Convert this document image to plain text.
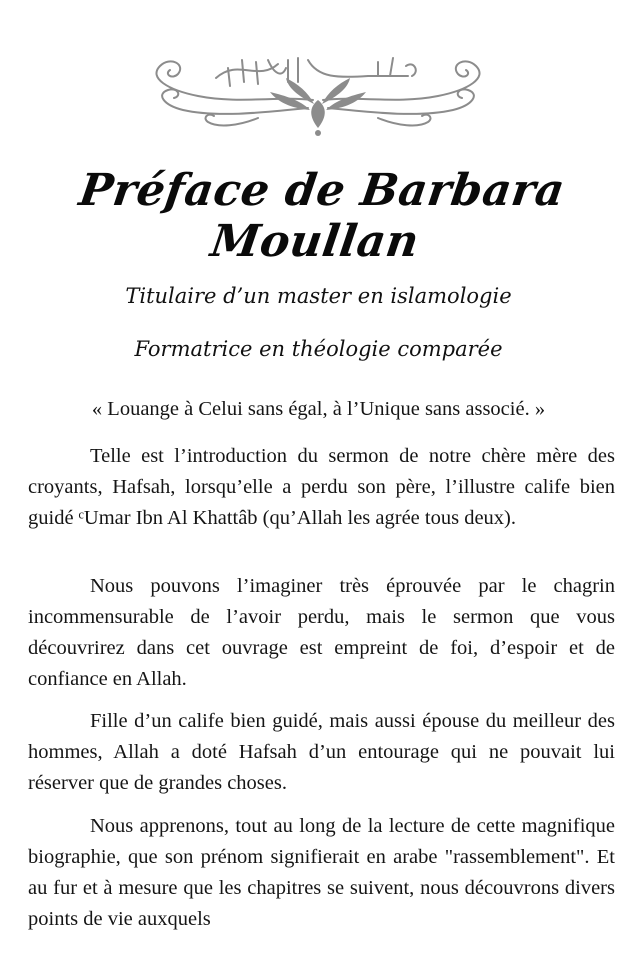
Préface de Barbara Moullan
Titulaire d’un master en islamologie
Formatrice en théologie comparée
« Louange à Celui sans égal, à l’Unique sans associé. »

Telle est l’introduction du sermon de notre chère mère des croyants, Hafsah, lorsqu’elle a perdu son père, l’illustre calife bien guidé ᶜUmar Ibn Al Khattâb (qu’Allah les agrée tous deux).

Nous pouvons l’imaginer très éprouvée par le chagrin incommensurable de l’avoir perdu, mais le sermon que vous découvrirez dans cet ouvrage est empreint de foi, d’espoir et de confiance en Allah.

Fille d’un calife bien guidé, mais aussi épouse du meilleur des hommes, Allah a doté Hafsah d’un entourage qui ne pouvait lui réserver que de grandes choses.

Nous apprenons, tout au long de la lecture de cette magnifique biographie, que son prénom signifierait en arabe "rassemblement". Et au fur et à mesure que les chapitres se suivent, nous découvrons divers points de vie auxquels
